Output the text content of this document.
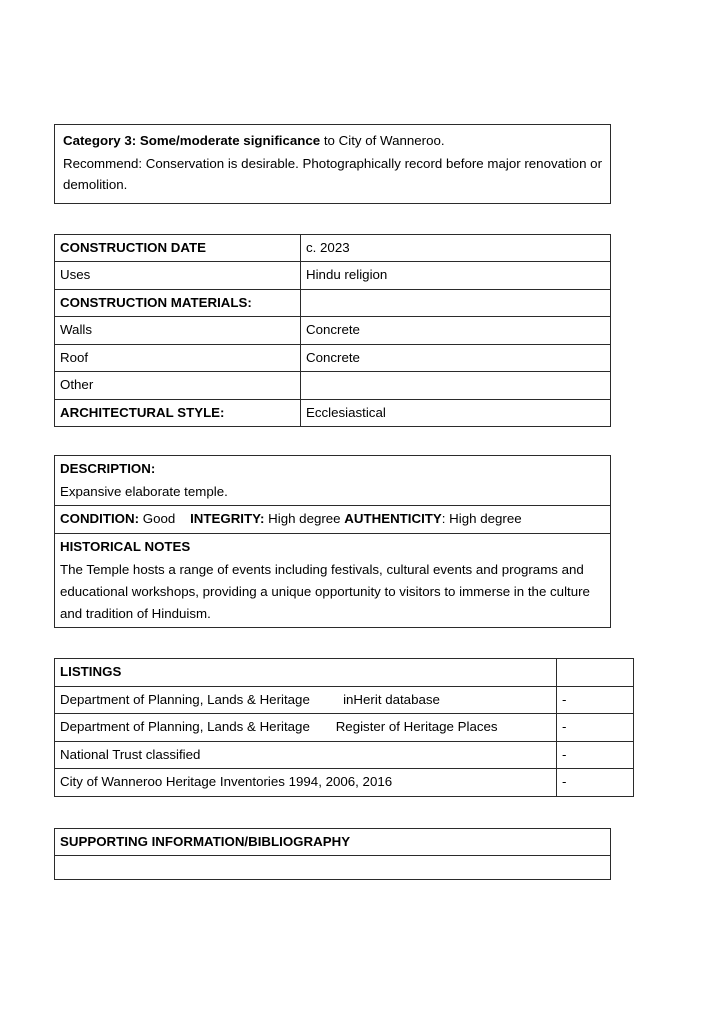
Category 3: Some/moderate significance to City of Wanneroo.

Recommend: Conservation is desirable. Photographically record before major renovation or demolition.

CONSTRUCTION DATE	c. 2023
Uses	Hindu religion
CONSTRUCTION MATERIALS:	
Walls	Concrete
Roof	Concrete
Other	
ARCHITECTURAL STYLE:	Ecclesiastical

DESCRIPTION:

Expansive elaborate temple.

CONDITION: Good INTEGRITY: High degree AUTHENTICITY: High degree

HISTORICAL NOTES

The Temple hosts a range of events including festivals, cultural events and programs and educational workshops, providing a unique opportunity to visitors to immerse in the culture and tradition of Hinduism.

LISTINGS	

Department of Planning, Lands & Heritage         inHerit database	-

Department of Planning, Lands & Heritage       Register of Heritage Places	-

National Trust classified	-

City of Wanneroo Heritage Inventories 1994, 2006, 2016	-
SUPPORTING INFORMATION/BIBLIOGRAPHY
